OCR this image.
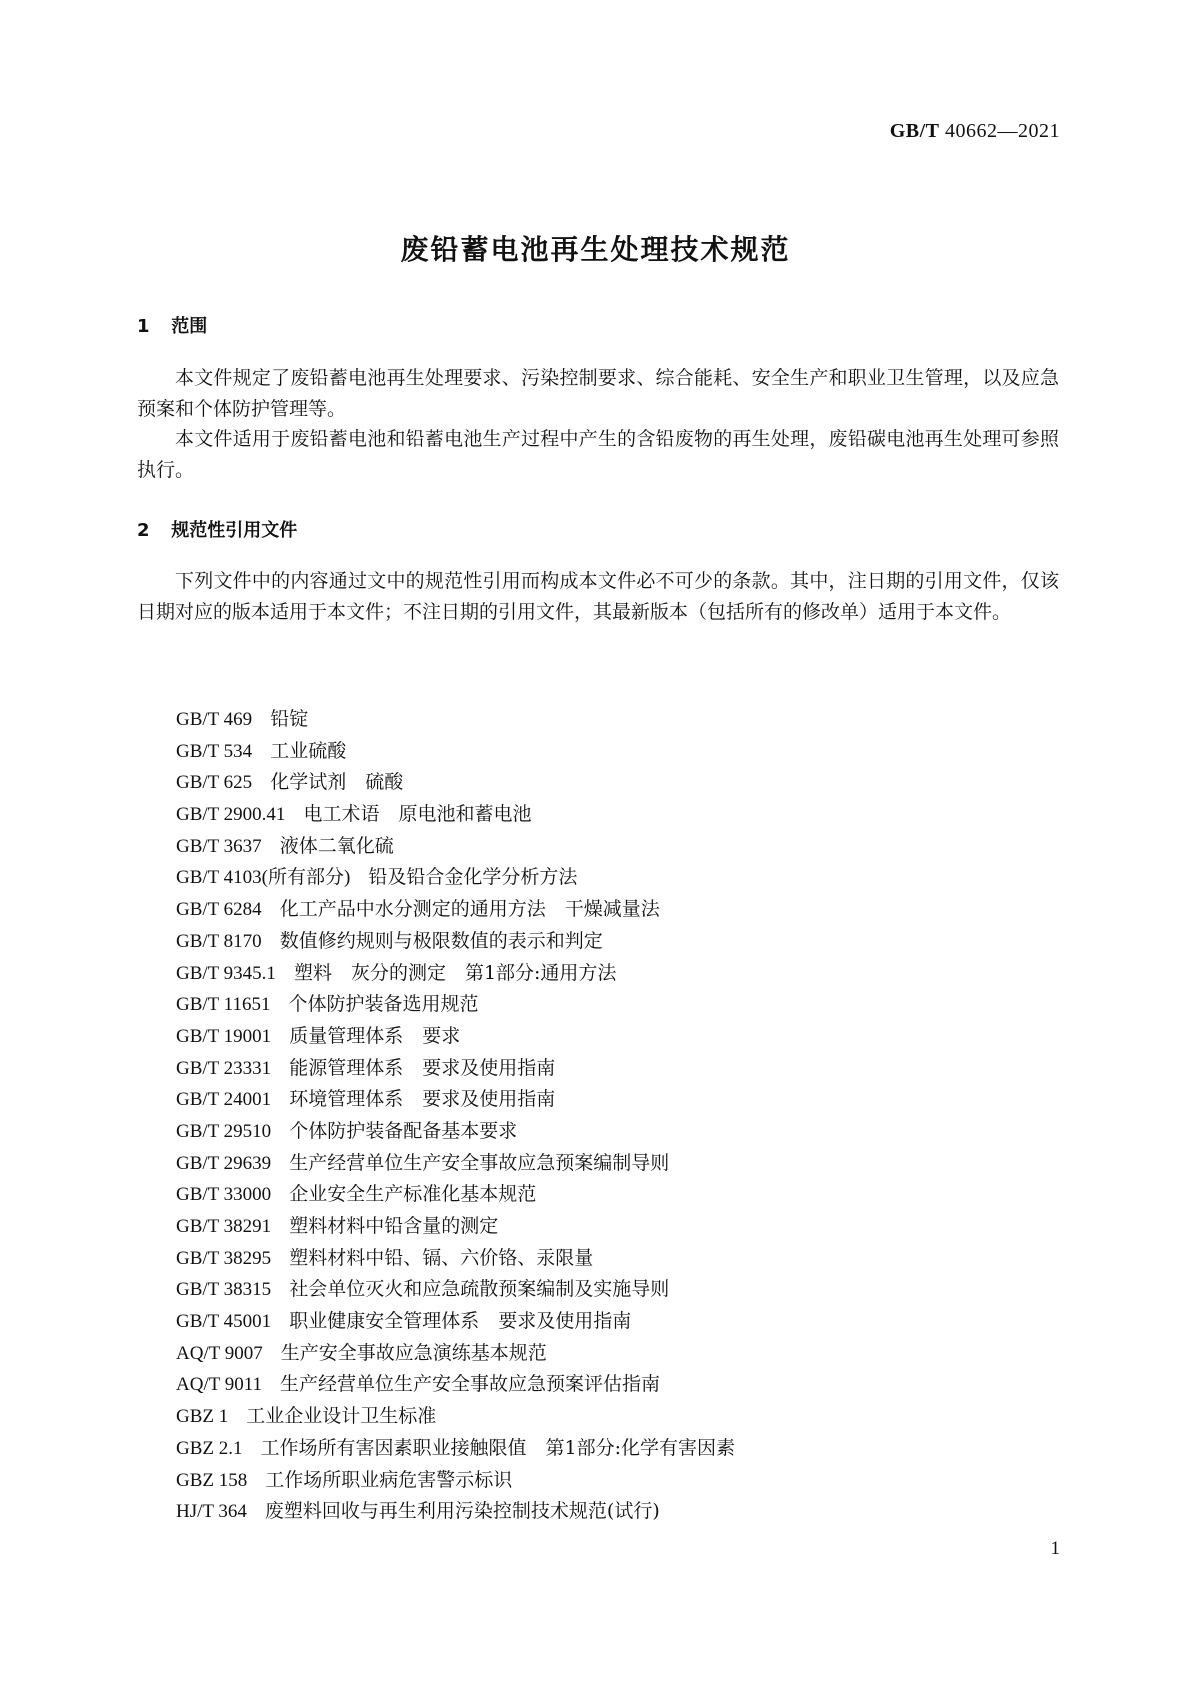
GB/T 40662—2021
废铅蓄电池再生处理技术规范
1 范围

本文件规定了废铅蓄电池再生处理要求、污染控制要求、综合能耗、安全生产和职业卫生管理，以及应急预案和个体防护管理等。

本文件适用于废铅蓄电池和铅蓄电池生产过程中产生的含铅废物的再生处理，废铅碳电池再生处理可参照执行。

2 规范性引用文件

下列文件中的内容通过文中的规范性引用而构成本文件必不可少的条款。其中，注日期的引用文件，仅该日期对应的版本适用于本文件；不注日期的引用文件，其最新版本（包括所有的修改单）适用于本文件。

GB/T 469 铅锭
GB/T 534 工业硫酸
GB/T 625 化学试剂　硫酸
GB/T 2900.41 电工术语　原电池和蓄电池
GB/T 3637 液体二氧化硫
GB/T 4103(所有部分) 铅及铅合金化学分析方法
GB/T 6284 化工产品中水分测定的通用方法　干燥减量法
GB/T 8170 数值修约规则与极限数值的表示和判定
GB/T 9345.1 塑料　灰分的测定　第1部分:通用方法
GB/T 11651 个体防护装备选用规范
GB/T 19001 质量管理体系　要求
GB/T 23331 能源管理体系　要求及使用指南
GB/T 24001 环境管理体系　要求及使用指南
GB/T 29510 个体防护装备配备基本要求
GB/T 29639 生产经营单位生产安全事故应急预案编制导则
GB/T 33000 企业安全生产标准化基本规范
GB/T 38291 塑料材料中铅含量的测定
GB/T 38295 塑料材料中铅、镉、六价铬、汞限量
GB/T 38315 社会单位灭火和应急疏散预案编制及实施导则
GB/T 45001 职业健康安全管理体系　要求及使用指南
AQ/T 9007 生产安全事故应急演练基本规范
AQ/T 9011 生产经营单位生产安全事故应急预案评估指南
GBZ 1 工业企业设计卫生标准
GBZ 2.1 工作场所有害因素职业接触限值　第1部分:化学有害因素
GBZ 158 工作场所职业病危害警示标识
HJ/T 364 废塑料回收与再生利用污染控制技术规范(试行)
1
